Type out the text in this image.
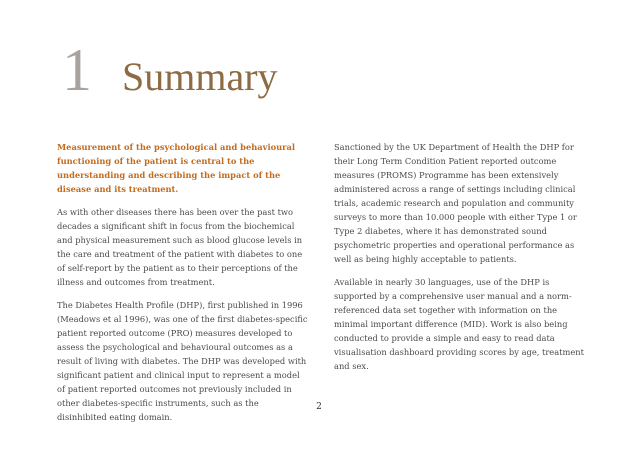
1 Summary

Measurement of the psychological and behavioural functioning of the patient is central to the understanding and describing the impact of the disease and its treatment.

As with other diseases there has been over the past two decades a significant shift in focus from the biochemical and physical measurement such as blood glucose levels in the care and treatment of the patient with diabetes to one of self-report by the patient as to their perceptions of the illness and outcomes from treatment.

The Diabetes Health Profile (DHP), first published in 1996 (Meadows et al 1996), was one of the first diabetes-specific patient reported outcome (PRO) measures developed to assess the psychological and behavioural outcomes as a result of living with diabetes. The DHP was developed with significant patient and clinical input to represent a model of patient reported outcomes not previously included in other diabetes-specific instruments, such as the disinhibited eating domain.

Sanctioned by the UK Department of Health the DHP for their Long Term Condition Patient reported outcome measures (PROMS) Programme has been extensively administered across a range of settings including clinical trials, academic research and population and community surveys to more than 10.000 people with either Type 1 or Type 2 diabetes, where it has demonstrated sound psychometric properties and operational performance as well as being highly acceptable to patients.

Available in nearly 30 languages, use of the DHP is supported by a comprehensive user manual and a norm-referenced data set together with information on the minimal important difference (MID). Work is also being conducted to provide a simple and easy to read data visualisation dashboard providing scores by age, treatment and sex.

2
